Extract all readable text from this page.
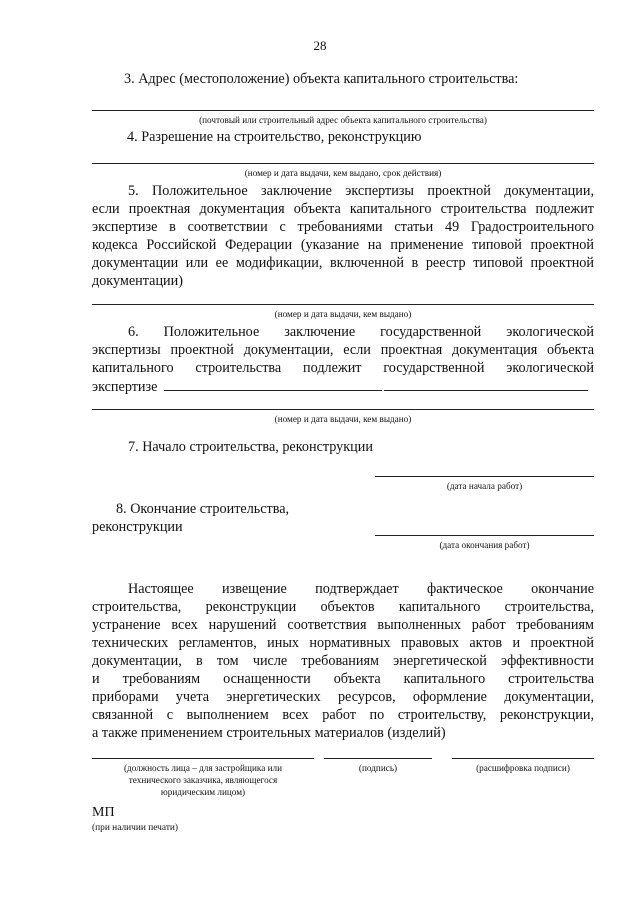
28
3. Адрес (местоположение) объекта капитального строительства:
(почтовый или строительный адрес объекта капитального строительства)
4. Разрешение на строительство, реконструкцию
(номер и дата выдачи, кем выдано, срок действия)
5. Положительное заключение экспертизы проектной документации,
если проектная документация объекта капитального строительства подлежит
экспертизе в соответствии с требованиями статьи 49 Градостроительного
кодекса Российской Федерации (указание на применение типовой проектной
документации или ее модификации, включенной в реестр типовой проектной
документации)
(номер и дата выдачи, кем выдано)
6. Положительное заключение государственной экологической
экспертизы проектной документации, если проектная документация объекта
капитального строительства подлежит государственной экологической
экспертизе
(номер и дата выдачи, кем выдано)
7. Начало строительства, реконструкции
(дата начала работ)
8. Окончание строительства,
реконструкции
(дата окончания работ)
Настоящее извещение подтверждает фактическое окончание
строительства, реконструкции объектов капитального строительства,
устранение всех нарушений соответствия выполненных работ требованиям
технических регламентов, иных нормативных правовых актов и проектной
документации, в том числе требованиям энергетической эффективности
и требованиям оснащенности объекта капитального строительства
приборами учета энергетических ресурсов, оформление документации,
связанной с выполнением всех работ по строительству, реконструкции,
а также применением строительных материалов (изделий)
(должность лица – для застройщика или
технического заказчика, являющегося
юридическим лицом)
(подпись)	(расшифровка подписи)
МП
(при наличии печати)
